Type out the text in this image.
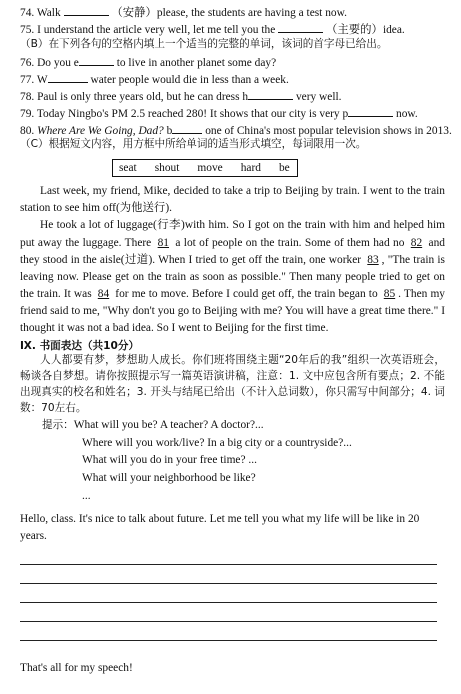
74. Walk	（安静）please, the students are having a test now.
75. I understand the article very well, let me tell you the	（主要的）idea.
（B）在下列各句的空格内填上一个适当的完整的单词，该词的首字母已给出。
76. Do you e	to live in another planet some day?
77. W	water people would die in less than a week.
78. Paul is only three years old, but he can dress h	very well.
79. Today Ningbo's PM 2.5 reached 280! It shows that our city is very p	now.
80. Where Are We Going, Dad? b	one of China's most popular television shows in 2013.
（C）根据短文内容，用方框中所给单词的适当形式填空，每词限用一次。
seat shout move hard be

Last week, my friend, Mike, decided to take a trip to Beijing by train. I went to the train station to see him off(为他送行).

He took a lot of luggage(行李)with him. So I got on the train with him and helped him put away the luggage. There 81 a lot of people on the train. Some of them had no 82 and they stood in the aisle(过道). When I tried to get off the train, one worker 83 , "The train is leaving now. Please get on the train as soon as possible." Then many people tried to get on the train. It was 84 for me to move. Before I could get off, the train began to 85 . Then my friend said to me, "Why don't you go to Beijing with me? You will have a great time there." I thought it was not a bad idea. So I went to Beijing for the first time.

Ⅸ. 书面表达（共10分）
人人都要有梦，梦想助人成长。你们班将围绕主题“20年后的我”组织一次英语班会，畅谈各自梦想。请你按照提示写一篇英语演讲稿，注意：1. 文中应包含所有要点；2. 不能出现真实的校名和姓名；3. 开头与结尾已给出（不计入总词数），你只需写中间部分；4. 词数：70左右。
提示：What will you be? A teacher? A doctor?...
Where will you work/live? In a big city or a countryside?...
What will you do in your free time? ...
What will your neighborhood be like?
...
Hello, class. It's nice to talk about future. Let me tell you what my life will be like in 20 years.
That's all for my speech!
